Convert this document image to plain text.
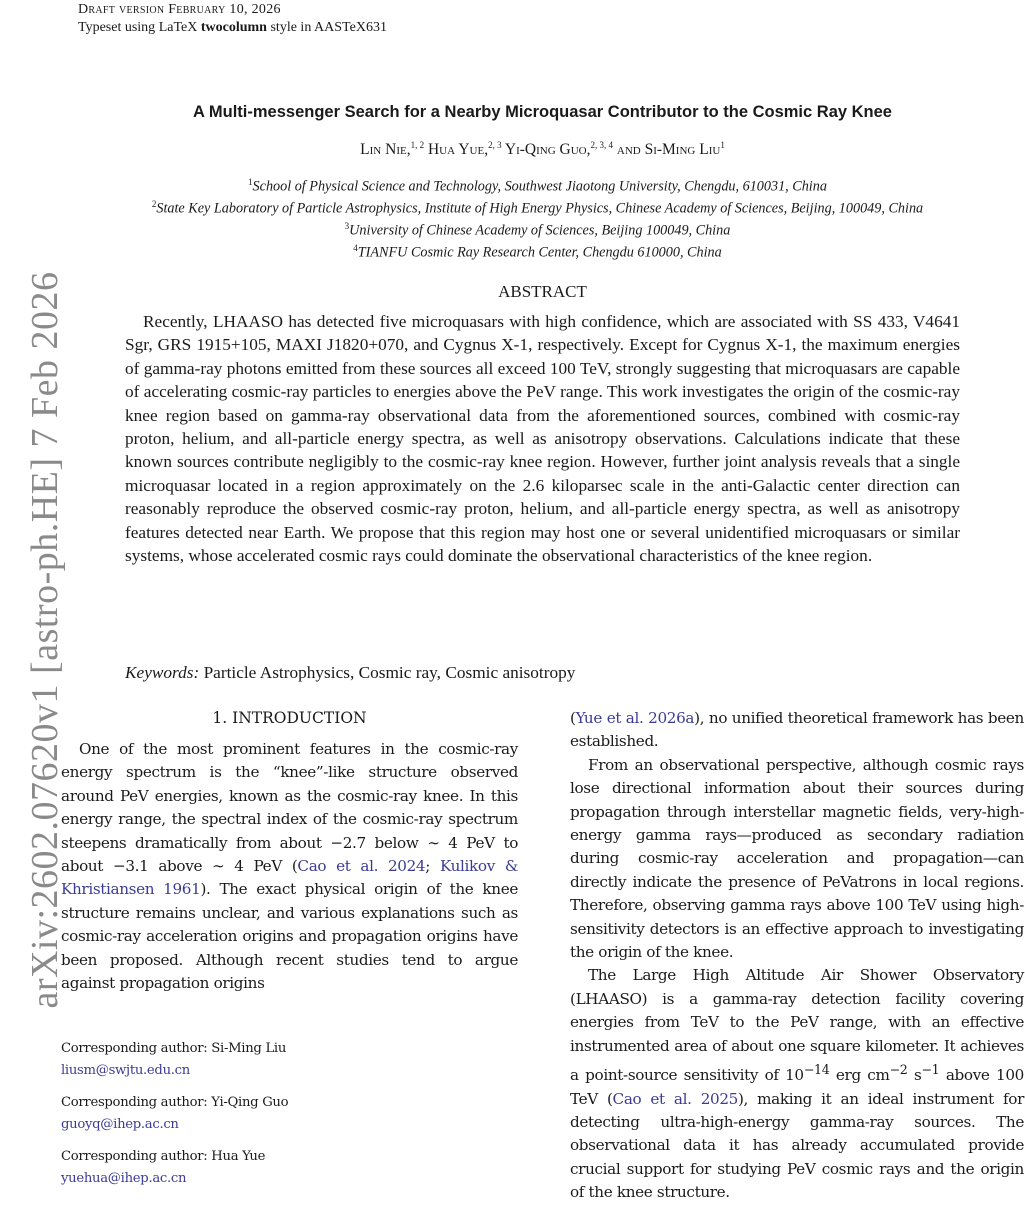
Draft version February 10, 2026
Typeset using LaTeX twocolumn style in AASTeX631
arXiv:2602.07620v1 [astro-ph.HE] 7 Feb 2026
A Multi-messenger Search for a Nearby Microquasar Contributor to the Cosmic Ray Knee
Lin Nie,$^{1, 2}$ Hua Yue,$^{2, 3}$ Yi-Qing Guo,$^{2, 3, 4}$ and Si-Ming Liu$^1$
$^1$School of Physical Science and Technology, Southwest Jiaotong University, Chengdu, 610031, China
$^2$State Key Laboratory of Particle Astrophysics, Institute of High Energy Physics, Chinese Academy of Sciences, Beijing, 100049, China
$^3$University of Chinese Academy of Sciences, Beijing 100049, China
$^4$TIANFU Cosmic Ray Research Center, Chengdu 610000, China
ABSTRACT
Recently, LHAASO has detected five microquasars with high confidence, which are associated with SS 433, V4641 Sgr, GRS 1915+105, MAXI J1820+070, and Cygnus X-1, respectively. Except for Cygnus X-1, the maximum energies of gamma-ray photons emitted from these sources all exceed 100 TeV, strongly suggesting that microquasars are capable of accelerating cosmic-ray particles to energies above the PeV range. This work investigates the origin of the cosmic-ray knee region based on gamma-ray observational data from the aforementioned sources, combined with cosmic-ray proton, helium, and all-particle energy spectra, as well as anisotropy observations. Calculations indicate that these known sources contribute negligibly to the cosmic-ray knee region. However, further joint analysis reveals that a single microquasar located in a region approximately on the 2.6 kiloparsec scale in the anti-Galactic center direction can reasonably reproduce the observed cosmic-ray proton, helium, and all-particle energy spectra, as well as anisotropy features detected near Earth. We propose that this region may host one or several unidentified microquasars or similar systems, whose accelerated cosmic rays could dominate the observational characteristics of the knee region.
Keywords: Particle Astrophysics, Cosmic ray, Cosmic anisotropy
1. INTRODUCTION

One of the most prominent features in the cosmic-ray energy spectrum is the “knee”-like structure observed around PeV energies, known as the cosmic-ray knee. In this energy range, the spectral index of the cosmic-ray spectrum steepens dramatically from about −2.7 below ∼ 4 PeV to about −3.1 above ∼ 4 PeV (Cao et al. 2024; Kulikov & Khristiansen 1961). The exact physical origin of the knee structure remains unclear, and various explanations such as cosmic-ray acceleration origins and propagation origins have been proposed. Although recent studies tend to argue against propagation origins

Corresponding author: Si-Ming Liu
liusm@swjtu.edu.cn
Corresponding author: Yi-Qing Guo
guoyq@ihep.ac.cn
Corresponding author: Hua Yue
yuehua@ihep.ac.cn

(Yue et al. 2026a), no unified theoretical framework has been established.

From an observational perspective, although cosmic rays lose directional information about their sources during propagation through interstellar magnetic fields, very-high-energy gamma rays—produced as secondary radiation during cosmic-ray acceleration and propagation—can directly indicate the presence of PeVatrons in local regions. Therefore, observing gamma rays above 100 TeV using high-sensitivity detectors is an effective approach to investigating the origin of the knee.

The Large High Altitude Air Shower Observatory (LHAASO) is a gamma-ray detection facility covering energies from TeV to the PeV range, with an effective instrumented area of about one square kilometer. It achieves a point-source sensitivity of $10^{-14}$ erg $cm^{-2}$ $s^{-1}$ above 100 TeV (Cao et al. 2025), making it an ideal instrument for detecting ultra-high-energy gamma-ray sources. The observational data it has already accumulated provide crucial support for studying PeV cosmic rays and the origin of the knee structure.
